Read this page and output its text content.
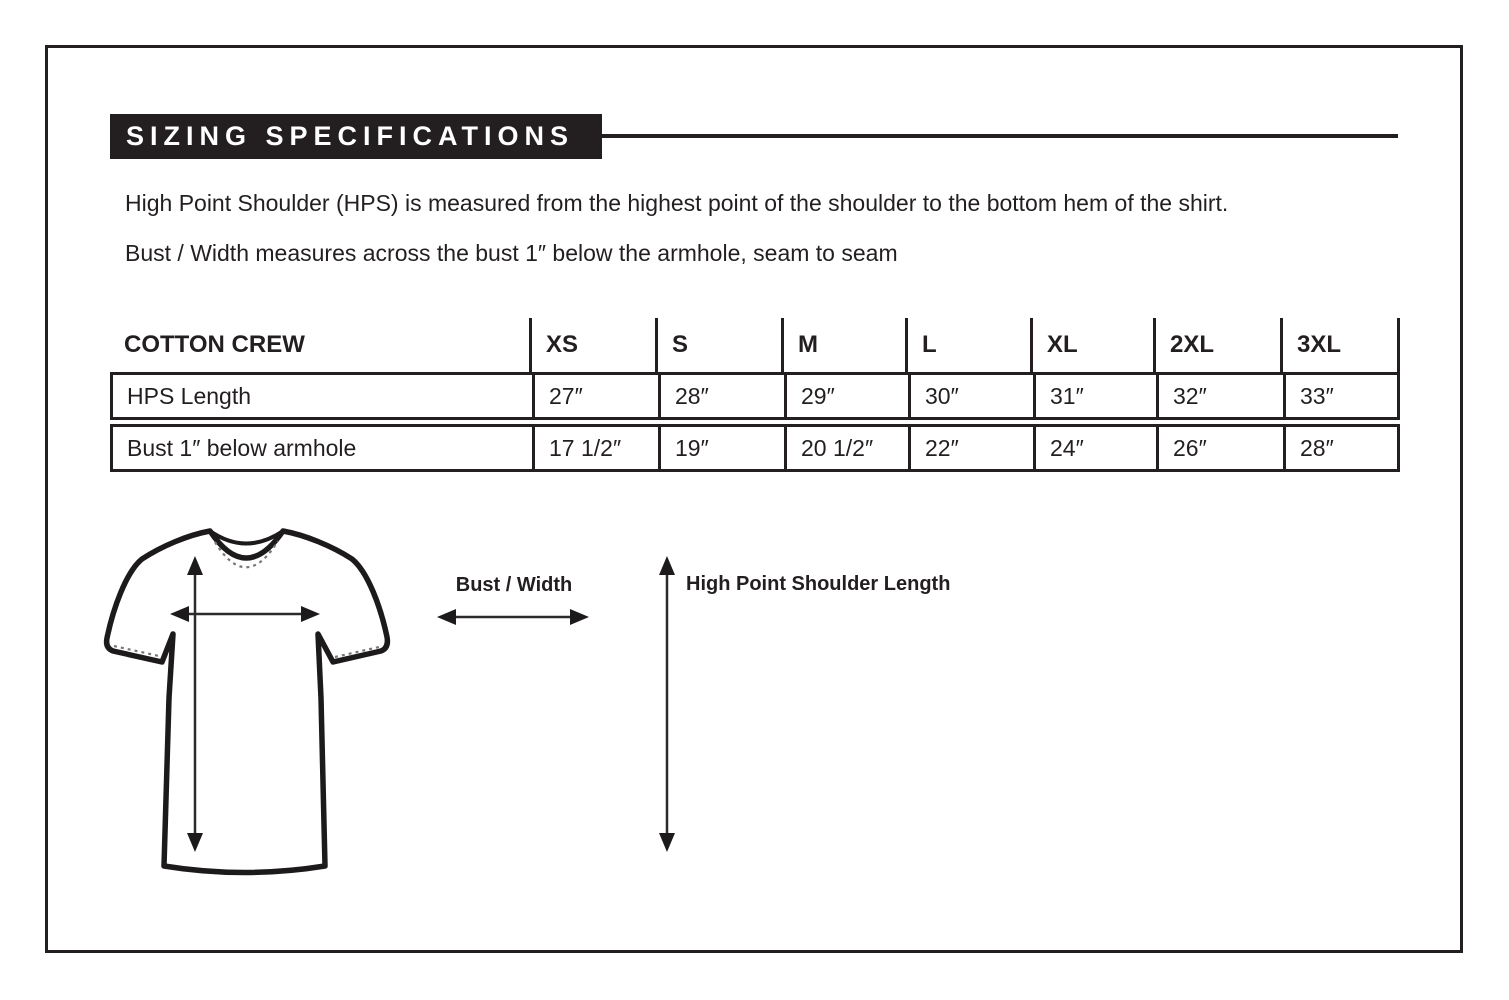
SIZING SPECIFICATIONS
High Point Shoulder (HPS) is measured from the highest point of the shoulder to the bottom hem of the shirt.
Bust / Width measures across the bust 1″ below the armhole, seam to seam
COTTON CREW	XS	S	M	L	XL	2XL	3XL
HPS Length	27″	28″	29″	30″	31″	32″	33″
Bust 1″ below armhole	17 1/2″	19″	20 1/2″	22″	24″	26″	28″
Bust / Width	High Point Shoulder Length
